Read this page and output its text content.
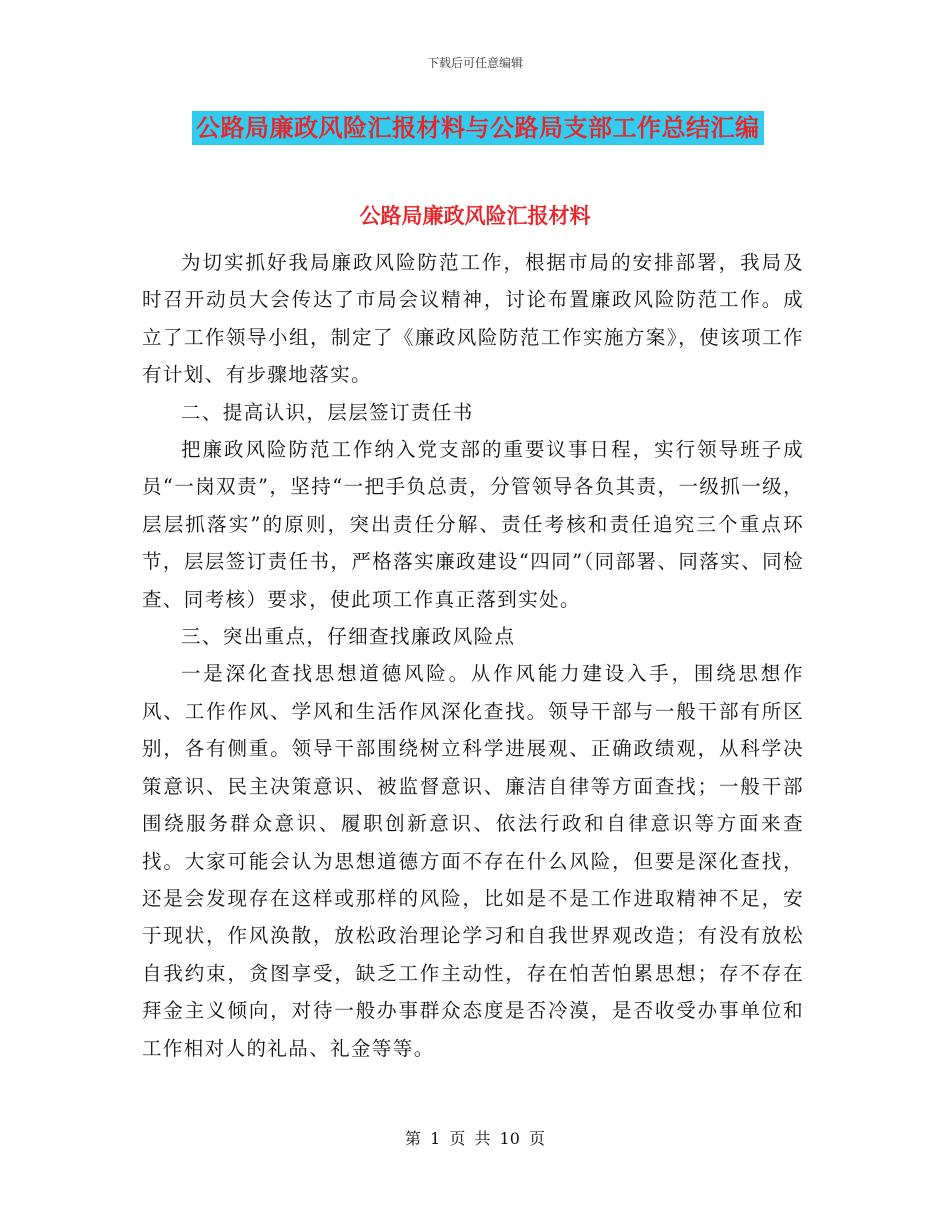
下载后可任意编辑
公路局廉政风险汇报材料与公路局支部工作总结汇编
公路局廉政风险汇报材料

为切实抓好我局廉政风险防范工作，根据市局的安排部署，我局及时召开动员大会传达了市局会议精神，讨论布置廉政风险防范工作。成立了工作领导小组，制定了《廉政风险防范工作实施方案》，使该项工作有计划、有步骤地落实。

二、提高认识，层层签订责任书

把廉政风险防范工作纳入党支部的重要议事日程，实行领导班子成员“一岗双责”，坚持“一把手负总责，分管领导各负其责，一级抓一级，层层抓落实”的原则，突出责任分解、责任考核和责任追究三个重点环节，层层签订责任书，严格落实廉政建设“四同”（同部署、同落实、同检查、同考核）要求，使此项工作真正落到实处。

三、突出重点，仔细查找廉政风险点

一是深化查找思想道德风险。从作风能力建设入手，围绕思想作风、工作作风、学风和生活作风深化查找。领导干部与一般干部有所区别，各有侧重。领导干部围绕树立科学进展观、正确政绩观，从科学决策意识、民主决策意识、被监督意识、廉洁自律等方面查找；一般干部围绕服务群众意识、履职创新意识、依法行政和自律意识等方面来查找。大家可能会认为思想道德方面不存在什么风险，但要是深化查找，还是会发现存在这样或那样的风险，比如是不是工作进取精神不足，安于现状，作风涣散，放松政治理论学习和自我世界观改造；有没有放松自我约束，贪图享受，缺乏工作主动性，存在怕苦怕累思想；存不存在拜金主义倾向，对待一般办事群众态度是否冷漠，是否收受办事单位和工作相对人的礼品、礼金等等。

第 1 页 共 10 页
